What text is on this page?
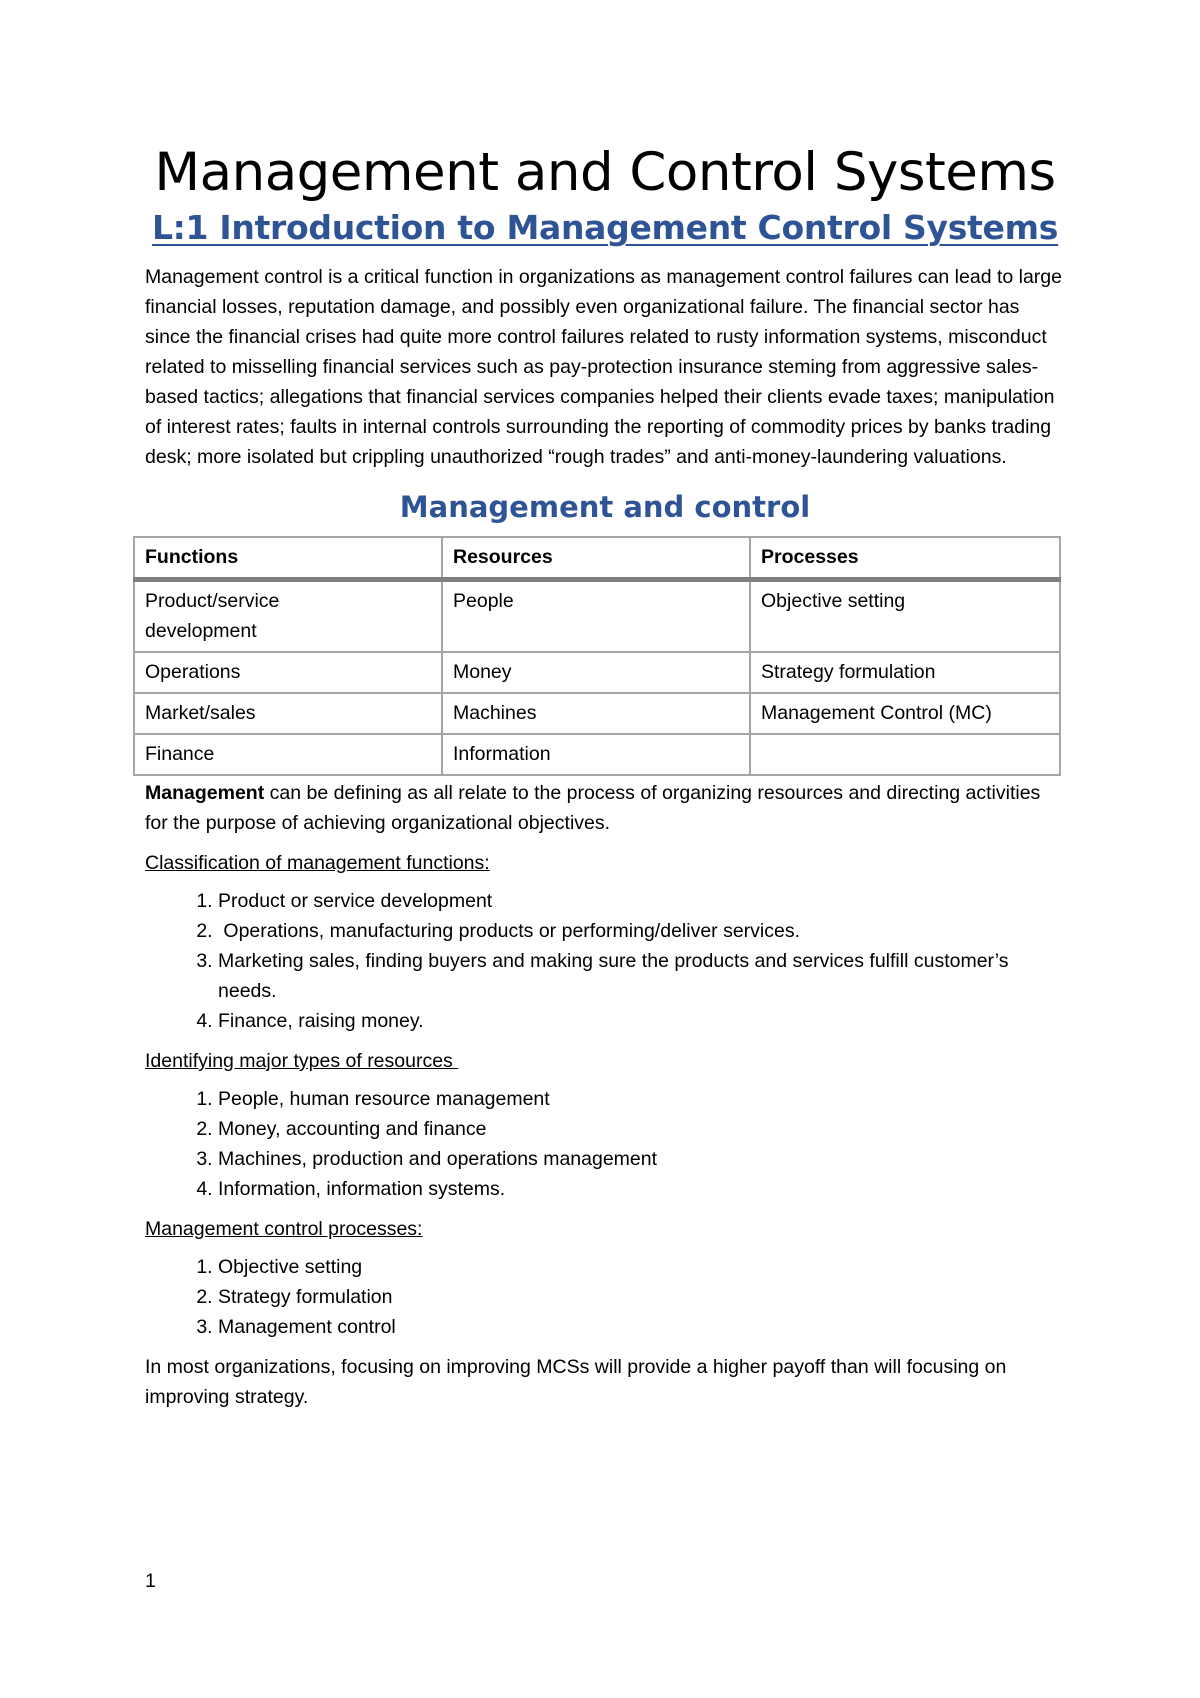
Management and Control Systems
L:1 Introduction to Management Control Systems

Management control is a critical function in organizations as management control failures can lead to large financial losses, reputation damage, and possibly even organizational failure. The financial sector has since the financial crises had quite more control failures related to rusty information systems, misconduct related to misselling financial services such as pay-protection insurance steming from aggressive sales-based tactics; allegations that financial services companies helped their clients evade taxes; manipulation of interest rates; faults in internal controls surrounding the reporting of commodity prices by banks trading desk; more isolated but crippling unauthorized “rough trades” and anti-money-laundering valuations.

Management and control
Functions	Resources	Processes
Product/service development	People	Objective setting
Operations	Money	Strategy formulation
Market/sales	Machines	Management Control (MC)
Finance	Information	

Management can be defining as all relate to the process of organizing resources and directing activities for the purpose of achieving organizational objectives.

Classification of management functions:

1. Product or service development
2.  Operations, manufacturing products or performing/deliver services.
3. Marketing sales, finding buyers and making sure the products and services fulfill customer’s needs.
4. Finance, raising money.

Identifying major types of resources

1. People, human resource management
2. Money, accounting and finance
3. Machines, production and operations management
4. Information, information systems.

Management control processes:

1. Objective setting
2. Strategy formulation
3. Management control

In most organizations, focusing on improving MCSs will provide a higher payoff than will focusing on improving strategy.

1
